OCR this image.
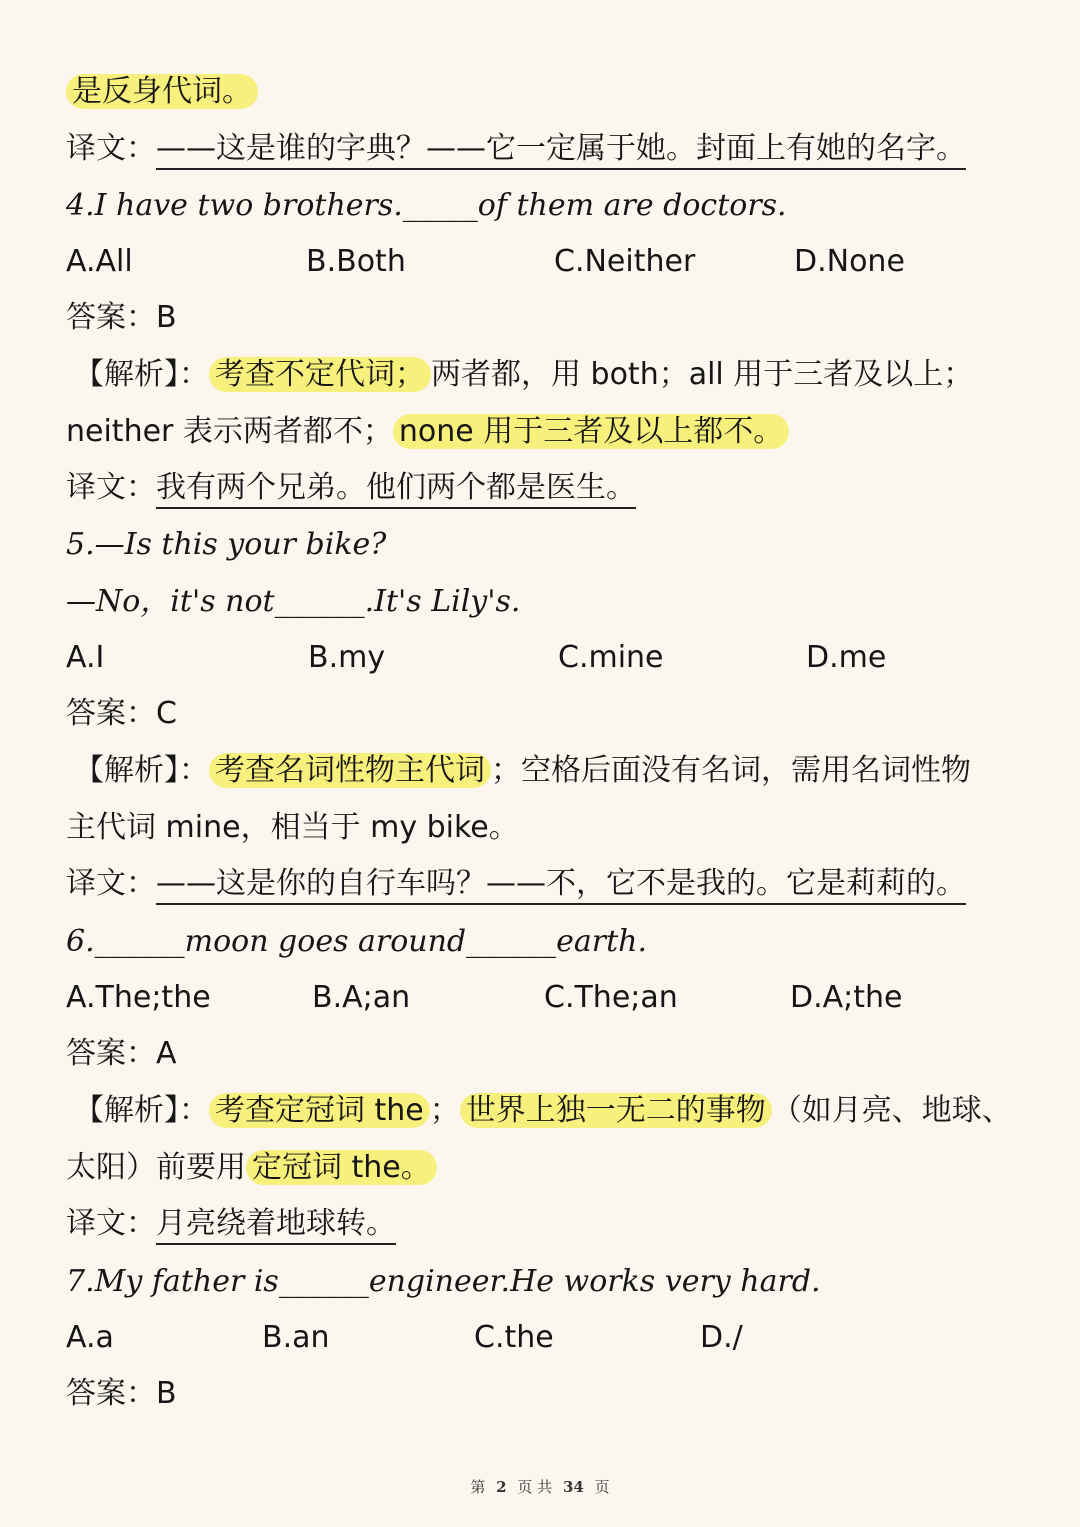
是反身代词。
译文：——这是谁的字典？——它一定属于她。封面上有她的名字。
4.I have two brothers._____of them are doctors.
A.All	B.Both	C.Neither	D.None
答案：B
【解析】： 考查不定代词； 两者都，用 both；all 用于三者及以上；
neither 表示两者都不； none 用于三者及以上都不。
译文：我有两个兄弟。他们两个都是医生。
5.—Is this your bike?
—No，it's not______.It's Lily's.
A.I	B.my	C.mine	D.me
答案：C
【解析】： 考查名词性物主代词 ；空格后面没有名词，需用名词性物
主代词 mine，相当于 my bike。
译文：——这是你的自行车吗？——不，它不是我的。它是莉莉的。
6.______moon goes around______earth.
A.The;the	B.A;an	C.The;an	D.A;the
答案：A
【解析】： 考查定冠词 the ； 世界上独一无二的事物 （如月亮、地球、
太阳）前要用 定冠词 the。
译文：月亮绕着地球转。
7.My father is______engineer.He works very hard.
A.a	B.an	C.the	D./
答案：B
第 2 页 共 34 页
